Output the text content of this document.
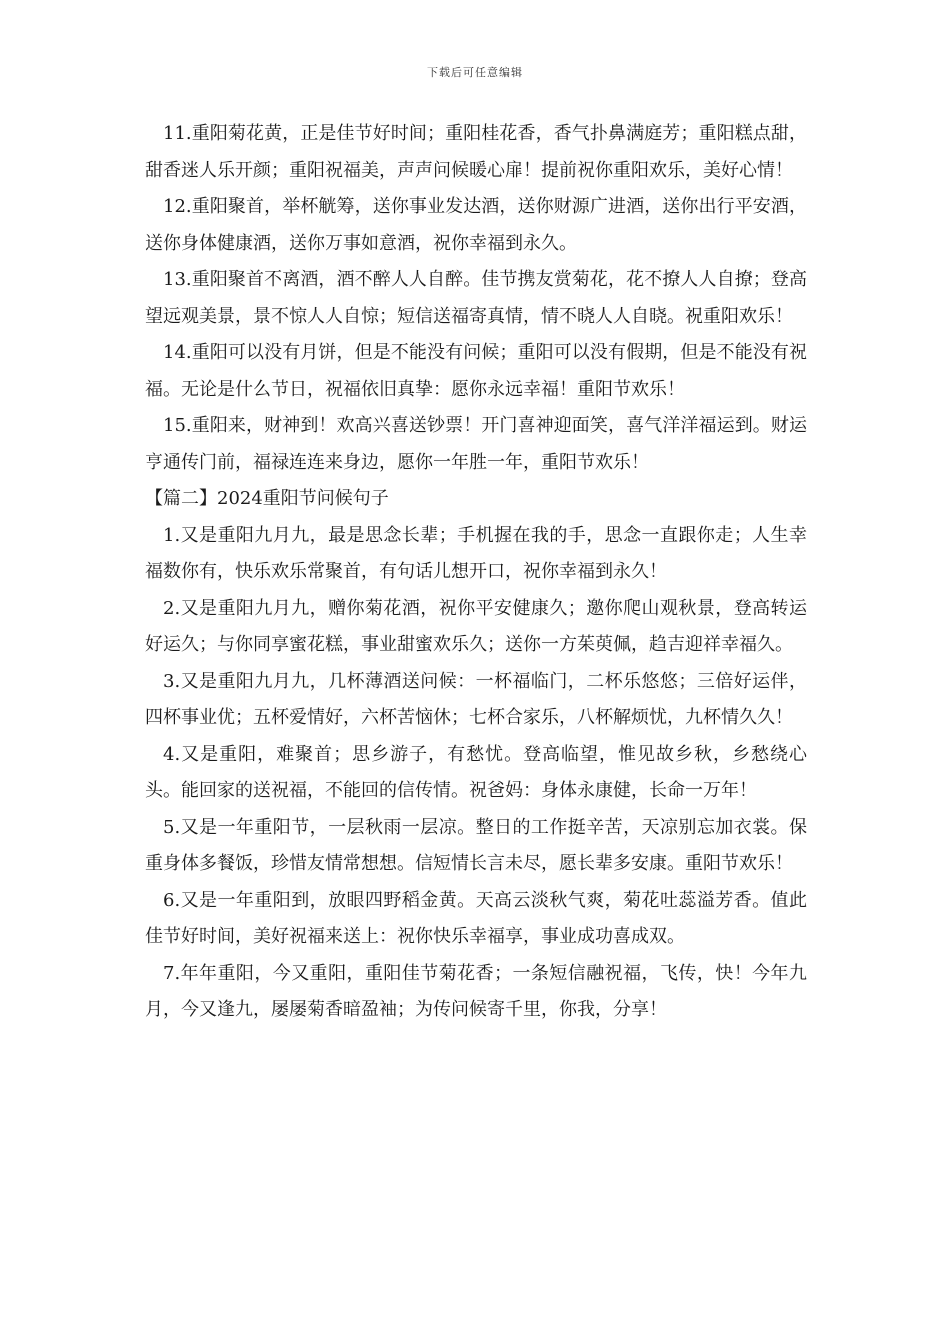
下载后可任意编辑

11.重阳菊花黄，正是佳节好时间；重阳桂花香，香气扑鼻满庭芳；重阳糕点甜，甜香迷人乐开颜；重阳祝福美，声声问候暖心扉！提前祝你重阳欢乐，美好心情！

12.重阳聚首，举杯觥筹，送你事业发达酒，送你财源广进酒，送你出行平安酒，送你身体健康酒，送你万事如意酒，祝你幸福到永久。

13.重阳聚首不离酒，酒不醉人人自醉。佳节携友赏菊花，花不撩人人自撩；登高望远观美景，景不惊人人自惊；短信送福寄真情，情不晓人人自晓。祝重阳欢乐！

14.重阳可以没有月饼，但是不能没有问候；重阳可以没有假期，但是不能没有祝福。无论是什么节日，祝福依旧真挚：愿你永远幸福！重阳节欢乐！

15.重阳来，财神到！欢高兴喜送钞票！开门喜神迎面笑，喜气洋洋福运到。财运亨通传门前，福禄连连来身边，愿你一年胜一年，重阳节欢乐！

【篇二】2024重阳节问候句子

1.又是重阳九月九，最是思念长辈；手机握在我的手，思念一直跟你走；人生幸福数你有，快乐欢乐常聚首，有句话儿想开口，祝你幸福到永久！

2.又是重阳九月九，赠你菊花酒，祝你平安健康久；邀你爬山观秋景，登高转运好运久；与你同享蜜花糕，事业甜蜜欢乐久；送你一方茱萸佩，趋吉迎祥幸福久。

3.又是重阳九月九，几杯薄酒送问候：一杯福临门，二杯乐悠悠；三倍好运伴，四杯事业优；五杯爱情好，六杯苦恼休；七杯合家乐，八杯解烦忧，九杯情久久！

4.又是重阳，难聚首；思乡游子，有愁忧。登高临望，惟见故乡秋，乡愁绕心头。能回家的送祝福，不能回的信传情。祝爸妈：身体永康健，长命一万年！

5.又是一年重阳节，一层秋雨一层凉。整日的工作挺辛苦，天凉别忘加衣裳。保重身体多餐饭，珍惜友情常想想。信短情长言未尽，愿长辈多安康。重阳节欢乐！

6.又是一年重阳到，放眼四野稻金黄。天高云淡秋气爽，菊花吐蕊溢芳香。值此佳节好时间，美好祝福来送上：祝你快乐幸福享，事业成功喜成双。

7.年年重阳，今又重阳，重阳佳节菊花香；一条短信融祝福，飞传，快！今年九月，今又逢九，屡屡菊香暗盈袖；为传问候寄千里，你我，分享！
